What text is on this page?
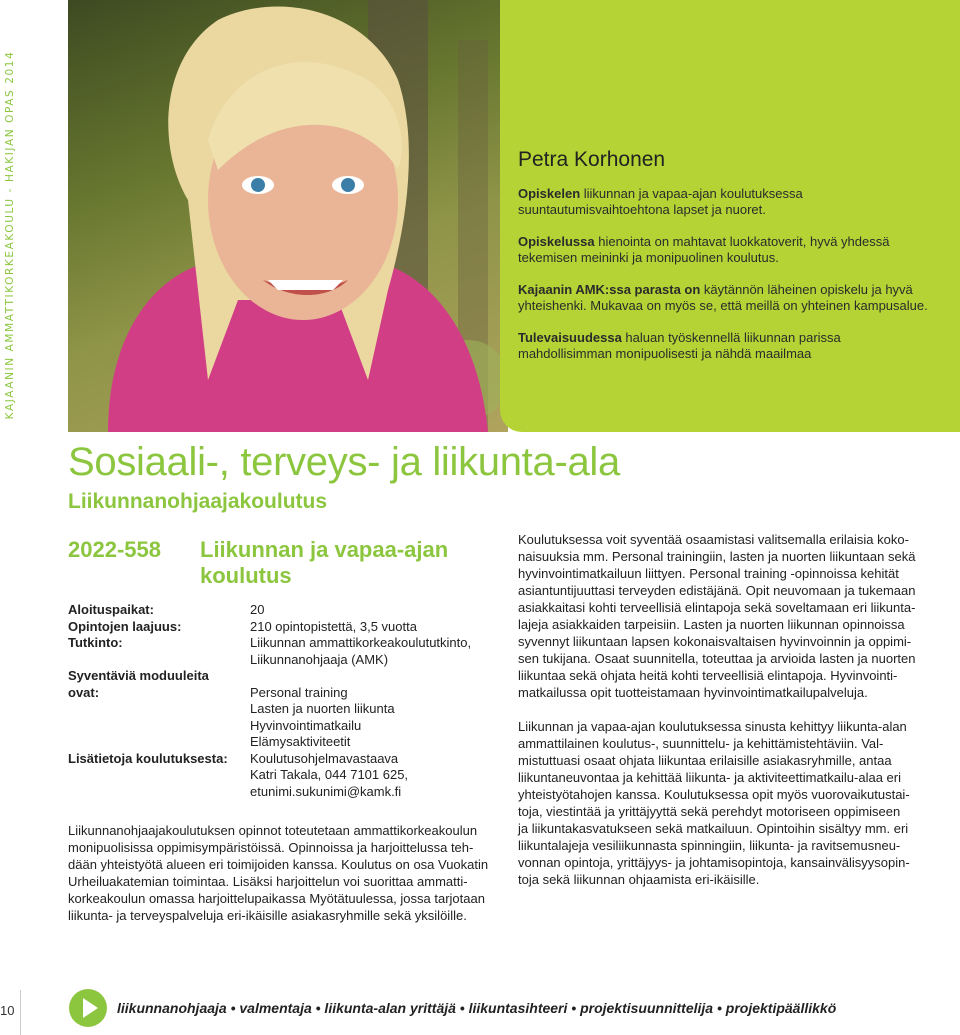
KAJAANIN AMMATTIKORKEAKOULU - HAKIJAN OPAS 2014	Petra Korhonen

Opiskelen liikunnan ja vapaa-ajan koulutuksessa suuntautumisvaihtoehtona lapset ja nuoret.

Opiskelussa hienointa on mahtavat luokkatoverit, hyvä yhdessä tekemisen meininki ja monipuolinen koulutus.

Kajaanin AMK:ssa parasta on käytännön läheinen opiskelu ja hyvä yhteishenki. Mukavaa on myös se, että meillä on yhteinen kampusalue.

Tulevaisuudessa haluan työskennellä liikunnan parissa mahdollisimman monipuolisesti ja nähdä maailmaa

Sosiaali-, terveys- ja liikunta-ala
Liikunnanohjaajakoulutus
2022-558 Liikunnan ja vapaa-ajan koulutus
Aloituspaikat:	20
Opintojen laajuus:	210 opintopistettä, 3,5 vuotta
Tutkinto:	Liikunnan ammattikorkeakoulututkinto,
Liikunnanohjaaja (AMK)
Syventäviä moduuleita

ovat:	Personal training
Lasten ja nuorten liikunta
Hyvinvointimatkailu
Elämysaktiviteetit
Lisätietoja koulutuksesta: Koulutusohjelmavastaava
Katri Takala, 044 7101 625,
etunimi.sukunimi@kamk.fi
Liikunnanohjaajakoulutuksen opinnot toteutetaan ammattikorkeakoulun
monipuolisissa oppimisympäristöissä. Opinnoissa ja harjoittelussa teh-
dään yhteistyötä alueen eri toimijoiden kanssa. Koulutus on osa Vuokatin
Urheiluakatemian toimintaa. Lisäksi harjoittelun voi suorittaa ammatti-
korkeakoulun omassa harjoittelupaikassa Myötätuulessa, jossa tarjotaan
liikunta- ja terveyspalveluja eri-ikäisille asiakasryhmille sekä yksilöille.

Koulutuksessa voit syventää osaamistasi valitsemalla erilaisia koko-
naisuuksia mm. Personal trainingiin, lasten ja nuorten liikuntaan sekä
hyvinvointimatkailuun liittyen. Personal training -opinnoissa kehität
asiantuntijuuttasi terveyden edistäjänä. Opit neuvomaan ja tukemaan
asiakkaitasi kohti terveellisiä elintapoja sekä soveltamaan eri liikunta-
lajeja asiakkaiden tarpeisiin. Lasten ja nuorten liikunnan opinnoissa
syvennyt liikuntaan lapsen kokonaisvaltaisen hyvinvoinnin ja oppimi-
sen tukijana. Osaat suunnitella, toteuttaa ja arvioida lasten ja nuorten
liikuntaa sekä ohjata heitä kohti terveellisiä elintapoja. Hyvinvointi-
matkailussa opit tuotteistamaan hyvinvointimatkailupalveluja.

Liikunnan ja vapaa-ajan koulutuksessa sinusta kehittyy liikunta-alan
ammattilainen koulutus-, suunnittelu- ja kehittämistehtäviin. Val-
mistuttuasi osaat ohjata liikuntaa erilaisille asiakasryhmille, antaa
liikuntaneuvontaa ja kehittää liikunta- ja aktiviteettimatkailu-alaa eri
yhteistyötahojen kanssa. Koulutuksessa opit myös vuorovaikutustai-
toja, viestintää ja yrittäjyyttä sekä perehdyt motoriseen oppimiseen
ja liikuntakasvatukseen sekä matkailuun. Opintoihin sisältyy mm. eri
liikuntalajeja vesiliikunnasta spinningiin, liikunta- ja ravitsemusneu-
vonnan opintoja, yrittäjyys- ja johtamisopintoja, kansainvälisyysopin-
toja sekä liikunnan ohjaamista eri-ikäisille.

10	liikunnanohjaaja • valmentaja • liikunta-alan yrittäjä • liikuntasihteeri • projektisuunnittelija • projektipäällikkö
